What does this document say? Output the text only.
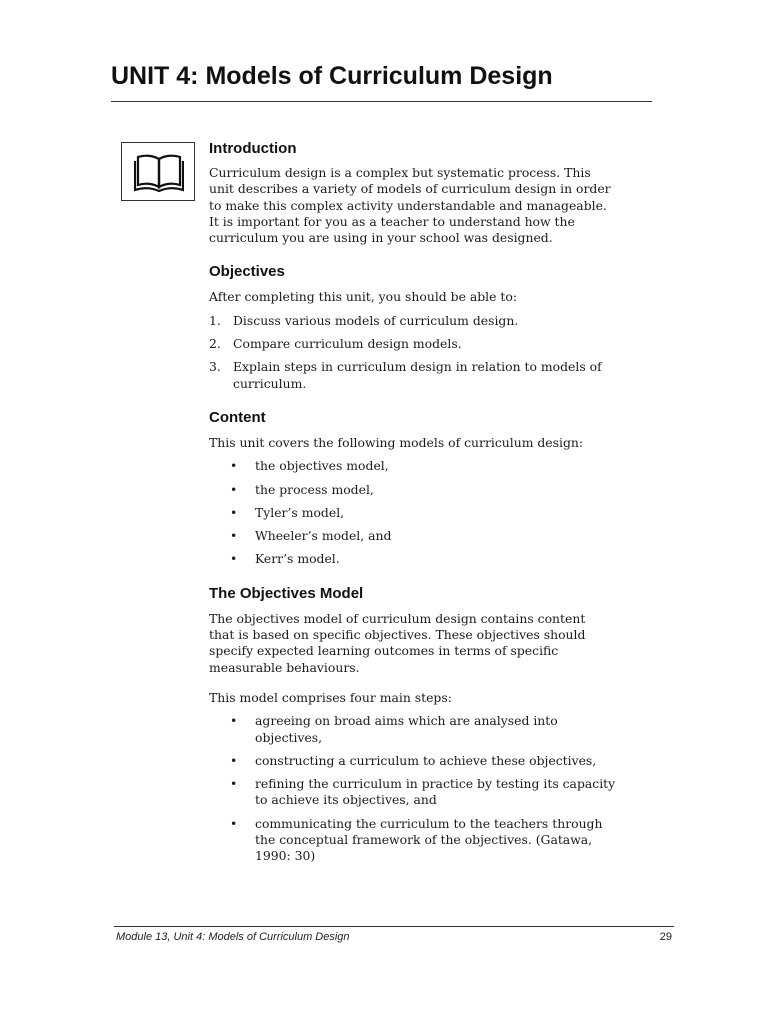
UNIT 4: Models of Curriculum Design
Introduction
Curriculum design is a complex but systematic process. This
unit describes a variety of models of curriculum design in order
to make this complex activity understandable and manageable.
It is important for you as a teacher to understand how the
curriculum you are using in your school was designed.
Objectives

After completing this unit, you should be able to:

1. Discuss various models of curriculum design.
2. Compare curriculum design models.
3. Explain steps in curriculum design in relation to models of
curriculum.
Content

This unit covers the following models of curriculum design:

• the objectives model,
• the process model,
• Tyler’s model,
• Wheeler’s model, and
• Kerr’s model.
The Objectives Model
The objectives model of curriculum design contains content
that is based on specific objectives. These objectives should
specify expected learning outcomes in terms of specific
measurable behaviours.

This model comprises four main steps:

• agreeing on broad aims which are analysed into
objectives,
• constructing a curriculum to achieve these objectives,
• refining the curriculum in practice by testing its capacity
to achieve its objectives, and
• communicating the curriculum to the teachers through
the conceptual framework of the objectives. (Gatawa,
1990: 30)
Module 13, Unit 4: Models of Curriculum Design	29
